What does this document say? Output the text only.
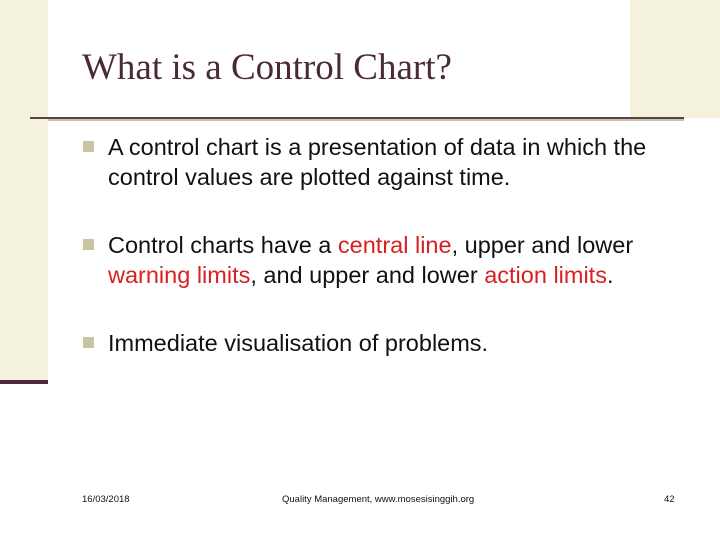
What is a Control Chart?
A control chart is a presentation of data in which the control values are plotted against time.
Control charts have a central line, upper and lower warning limits, and upper and lower action limits.
Immediate visualisation of problems.
16/03/2018	Quality Management, www.mosesisinggih.org	42
